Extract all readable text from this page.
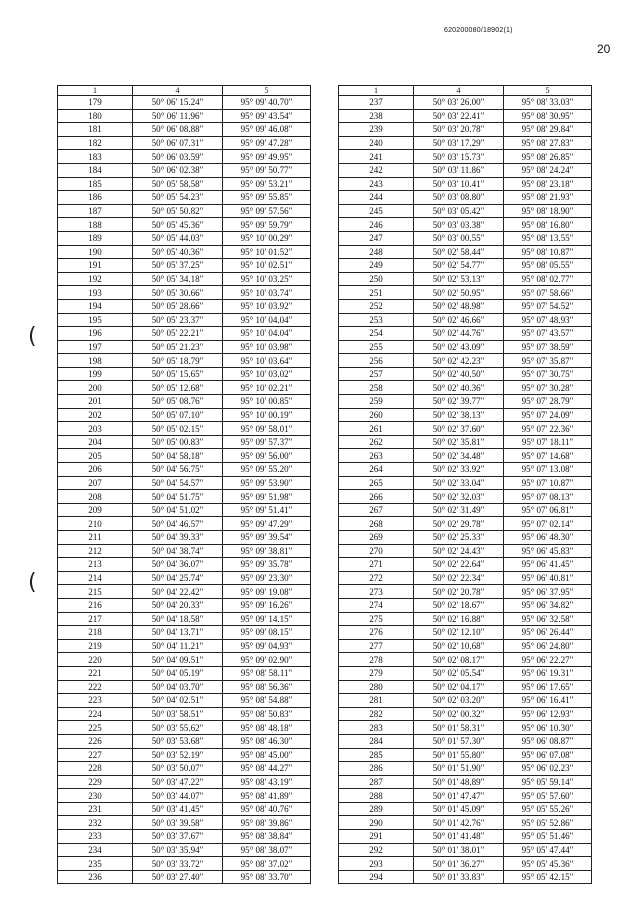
620200080/18902(1)
20
(
(
1	4	5
179	50° 06' 15.24"	95° 09' 40.70"
180	50° 06' 11.96"	95° 09' 43.54"
181	50° 06' 08.88"	95° 09' 46.08"
182	50° 06' 07.31"	95° 09' 47.28"
183	50° 06' 03.59"	95° 09' 49.95"
184	50° 06' 02.38"	95° 09' 50.77"
185	50° 05' 58.58"	95° 09' 53.21"
186	50° 05' 54.23"	95° 09' 55.85"
187	50° 05' 50.82"	95° 09' 57.56"
188	50° 05' 45.36"	95° 09' 59.79"
189	50° 05' 44.03"	95° 10' 00.29"
190	50° 05' 40.36"	95° 10' 01.52"
191	50° 05' 37.25"	95° 10' 02.51"
192	50° 05' 34.18"	95° 10' 03.25"
193	50° 05' 30.66"	95° 10' 03.74"
194	50° 05' 28.66"	95° 10' 03.92"
195	50° 05' 23.37"	95° 10' 04.04"
196	50° 05' 22.21"	95° 10' 04.04"
197	50° 05' 21.23"	95° 10' 03.98"
198	50° 05' 18.79"	95° 10' 03.64"
199	50° 05' 15.65"	95° 10' 03.02"
200	50° 05' 12.68"	95° 10' 02.21"
201	50° 05' 08.76"	95° 10' 00.85"
202	50° 05' 07.10"	95° 10' 00.19"
203	50° 05' 02.15"	95° 09' 58.01"
204	50° 05' 00.83"	95° 09' 57.37"
205	50° 04' 58.18"	95° 09' 56.00"
206	50° 04' 56.75"	95° 09' 55.20"
207	50° 04' 54.57"	95° 09' 53.90"
208	50° 04' 51.75"	95° 09' 51.98"
209	50° 04' 51.02"	95° 09' 51.41"
210	50° 04' 46.57"	95° 09' 47.29"
211	50° 04' 39.33"	95° 09' 39.54"
212	50° 04' 38.74"	95° 09' 38.81"
213	50° 04' 36.07"	95° 09' 35.78"
214	50° 04' 25.74"	95° 09' 23.30"
215	50° 04' 22.42"	95° 09' 19.08"
216	50° 04' 20.33"	95° 09' 16.26"
217	50° 04' 18.58"	95° 09' 14.15"
218	50° 04' 13.71"	95° 09' 08.15"
219	50° 04' 11.21"	95° 09' 04.93"
220	50° 04' 09.51"	95° 09' 02.90"
221	50° 04' 05.19"	95° 08' 58.11"
222	50° 04' 03.70"	95° 08' 56.36"
223	50° 04' 02.51"	95° 08' 54.88"
224	50° 03' 58.51"	95° 08' 50.83"
225	50° 03' 55.62"	95° 08' 48.18"
226	50° 03' 53.68"	95° 08' 46.30"
227	50° 03' 52.19"	95° 08' 45.00"
228	50° 03' 50.07"	95° 08' 44.27"
229	50° 03' 47.22"	95° 08' 43.19"
230	50° 03' 44.07"	95° 08' 41.89"
231	50° 03' 41.45"	95° 08' 40.76"
232	50° 03' 39.58"	95° 08' 39.86"
233	50° 03' 37.67"	95° 08' 38.84"
234	50° 03' 35.94"	95° 08' 38.07"
235	50° 03' 33.72"	95° 08' 37.02"
236	50° 03' 27.40"	95° 08' 33.70"
1	4	5
237	50° 03' 26.00"	95° 08' 33.03"
238	50° 03' 22.41"	95° 08' 30.95"
239	50° 03' 20.78"	95° 08' 29.84"
240	50° 03' 17.29"	95° 08' 27.83"
241	50° 03' 15.73"	95° 08' 26.85"
242	50° 03' 11.86"	95° 08' 24.24"
243	50° 03' 10.41"	95° 08' 23.18"
244	50° 03' 08.80"	95° 08' 21.93"
245	50° 03' 05.42"	95° 08' 18.90"
246	50° 03' 03.38"	95° 08' 16.80"
247	50° 03' 00.55"	95° 08' 13.55"
248	50° 02' 58.44"	95° 08' 10.87"
249	50° 02' 54.77"	95° 08' 05.55"
250	50° 02' 53.13"	95° 08' 02.77"
251	50° 02' 50.95"	95° 07' 58.66"
252	50° 02' 48.98"	95° 07' 54.52"
253	50° 02' 46.66"	95° 07' 48.93"
254	50° 02' 44.76"	95° 07' 43.57"
255	50° 02' 43.09"	95° 07' 38.59"
256	50° 02' 42.23"	95° 07' 35.87"
257	50° 02' 40.50"	95° 07' 30.75"
258	50° 02' 40.36"	95° 07' 30.28"
259	50° 02' 39.77"	95° 07' 28.79"
260	50° 02' 38.13"	95° 07' 24.09"
261	50° 02' 37.60"	95° 07' 22.36"
262	50° 02' 35.81"	95° 07' 18.11"
263	50° 02' 34.48"	95° 07' 14.68"
264	50° 02' 33.92"	95° 07' 13.08"
265	50° 02' 33.04"	95° 07' 10.87"
266	50° 02' 32.03"	95° 07' 08.13"
267	50° 02' 31.49"	95° 07' 06.81"
268	50° 02' 29.78"	95° 07' 02.14"
269	50° 02' 25.33"	95° 06' 48.30"
270	50° 02' 24.43"	95° 06' 45.83"
271	50° 02' 22.64"	95° 06' 41.45"
272	50° 02' 22.34"	95° 06' 40.81"
273	50° 02' 20.78"	95° 06' 37.95"
274	50° 02' 18.67"	95° 06' 34.82"
275	50° 02' 16.88"	95° 06' 32.58"
276	50° 02' 12.10"	95° 06' 26.44"
277	50° 02' 10.68"	95° 06' 24.80"
278	50° 02' 08.17"	95° 06' 22.27"
279	50° 02' 05.54"	95° 06' 19.31"
280	50° 02' 04.17"	95° 06' 17.65"
281	50° 02' 03.20"	95° 06' 16.41"
282	50° 02' 00.32"	95° 06' 12.93"
283	50° 01' 58.31"	95° 06' 10.30"
284	50° 01' 57.30"	95° 06' 08.87"
285	50° 01' 55.80"	95° 06' 07.08"
286	50° 01' 51.90"	95° 06' 02.23"
287	50° 01' 48.89"	95° 05' 59.14"
288	50° 01' 47.47"	95° 05' 57.60"
289	50° 01' 45.09"	95° 05' 55.26"
290	50° 01' 42.76"	95° 05' 52.86"
291	50° 01' 41.48"	95° 05' 51.46"
292	50° 01' 38.01"	95° 05' 47.44"
293	50° 01' 36.27"	95° 05' 45.36"
294	50° 01' 33.83"	95° 05' 42.15"
